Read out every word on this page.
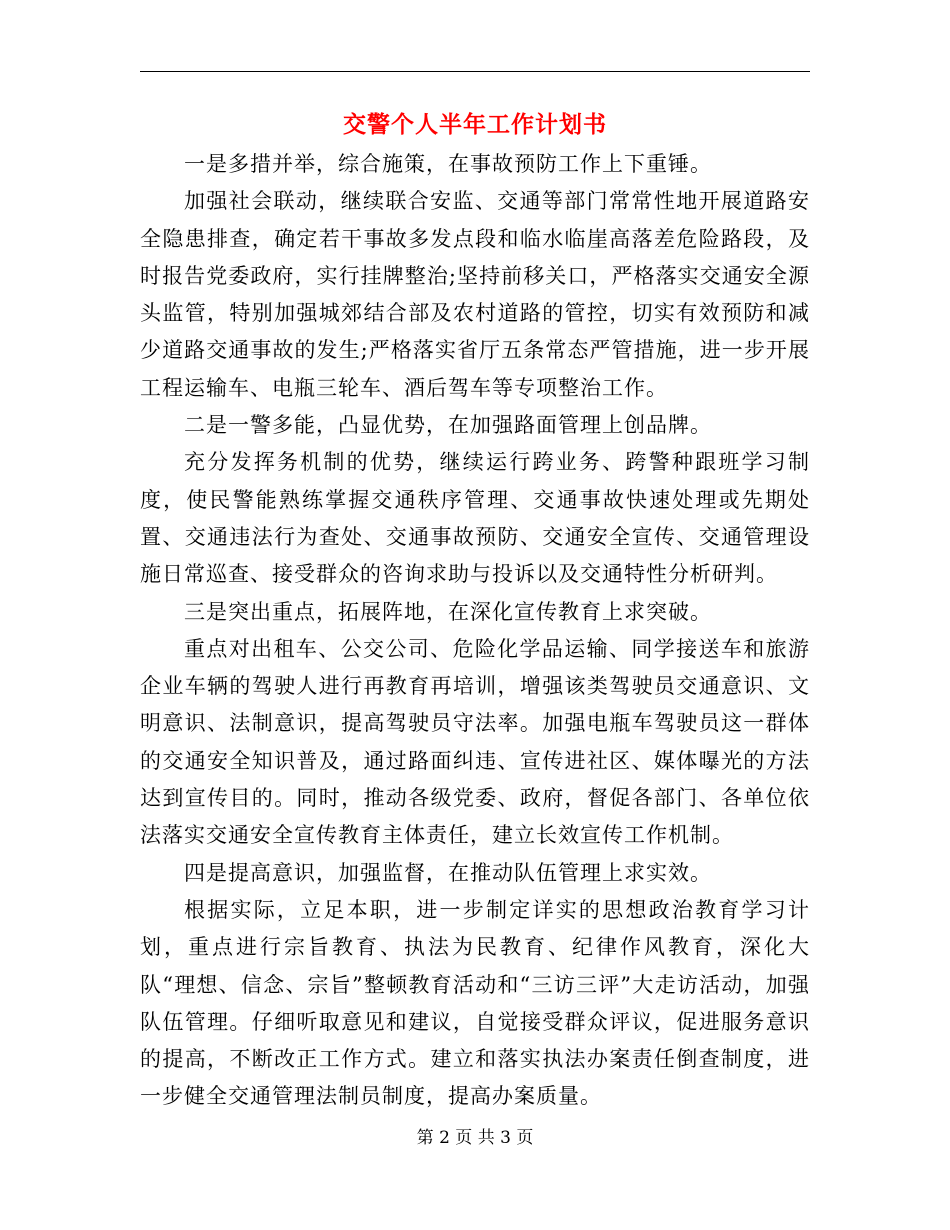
交警个人半年工作计划书

一是多措并举，综合施策，在事故预防工作上下重锤。

加强社会联动，继续联合安监、交通等部门常常性地开展道路安全隐患排查，确定若干事故多发点段和临水临崖高落差危险路段，及时报告党委政府，实行挂牌整治;坚持前移关口，严格落实交通安全源头监管，特别加强城郊结合部及农村道路的管控，切实有效预防和减少道路交通事故的发生;严格落实省厅五条常态严管措施，进一步开展工程运输车、电瓶三轮车、酒后驾车等专项整治工作。

二是一警多能，凸显优势，在加强路面管理上创品牌。

充分发挥务机制的优势，继续运行跨业务、跨警种跟班学习制度，使民警能熟练掌握交通秩序管理、交通事故快速处理或先期处置、交通违法行为查处、交通事故预防、交通安全宣传、交通管理设施日常巡查、接受群众的咨询求助与投诉以及交通特性分析研判。

三是突出重点，拓展阵地，在深化宣传教育上求突破。

重点对出租车、公交公司、危险化学品运输、同学接送车和旅游企业车辆的驾驶人进行再教育再培训，增强该类驾驶员交通意识、文明意识、法制意识，提高驾驶员守法率。加强电瓶车驾驶员这一群体的交通安全知识普及，通过路面纠违、宣传进社区、媒体曝光的方法达到宣传目的。同时，推动各级党委、政府，督促各部门、各单位依法落实交通安全宣传教育主体责任，建立长效宣传工作机制。

四是提高意识，加强监督，在推动队伍管理上求实效。

根据实际，立足本职，进一步制定详实的思想政治教育学习计划，重点进行宗旨教育、执法为民教育、纪律作风教育，深化大队“理想、信念、宗旨”整顿教育活动和“三访三评”大走访活动，加强队伍管理。仔细听取意见和建议，自觉接受群众评议，促进服务意识的提高，不断改正工作方式。建立和落实执法办案责任倒查制度，进一步健全交通管理法制员制度，提高办案质量。

第 2 页 共 3 页
